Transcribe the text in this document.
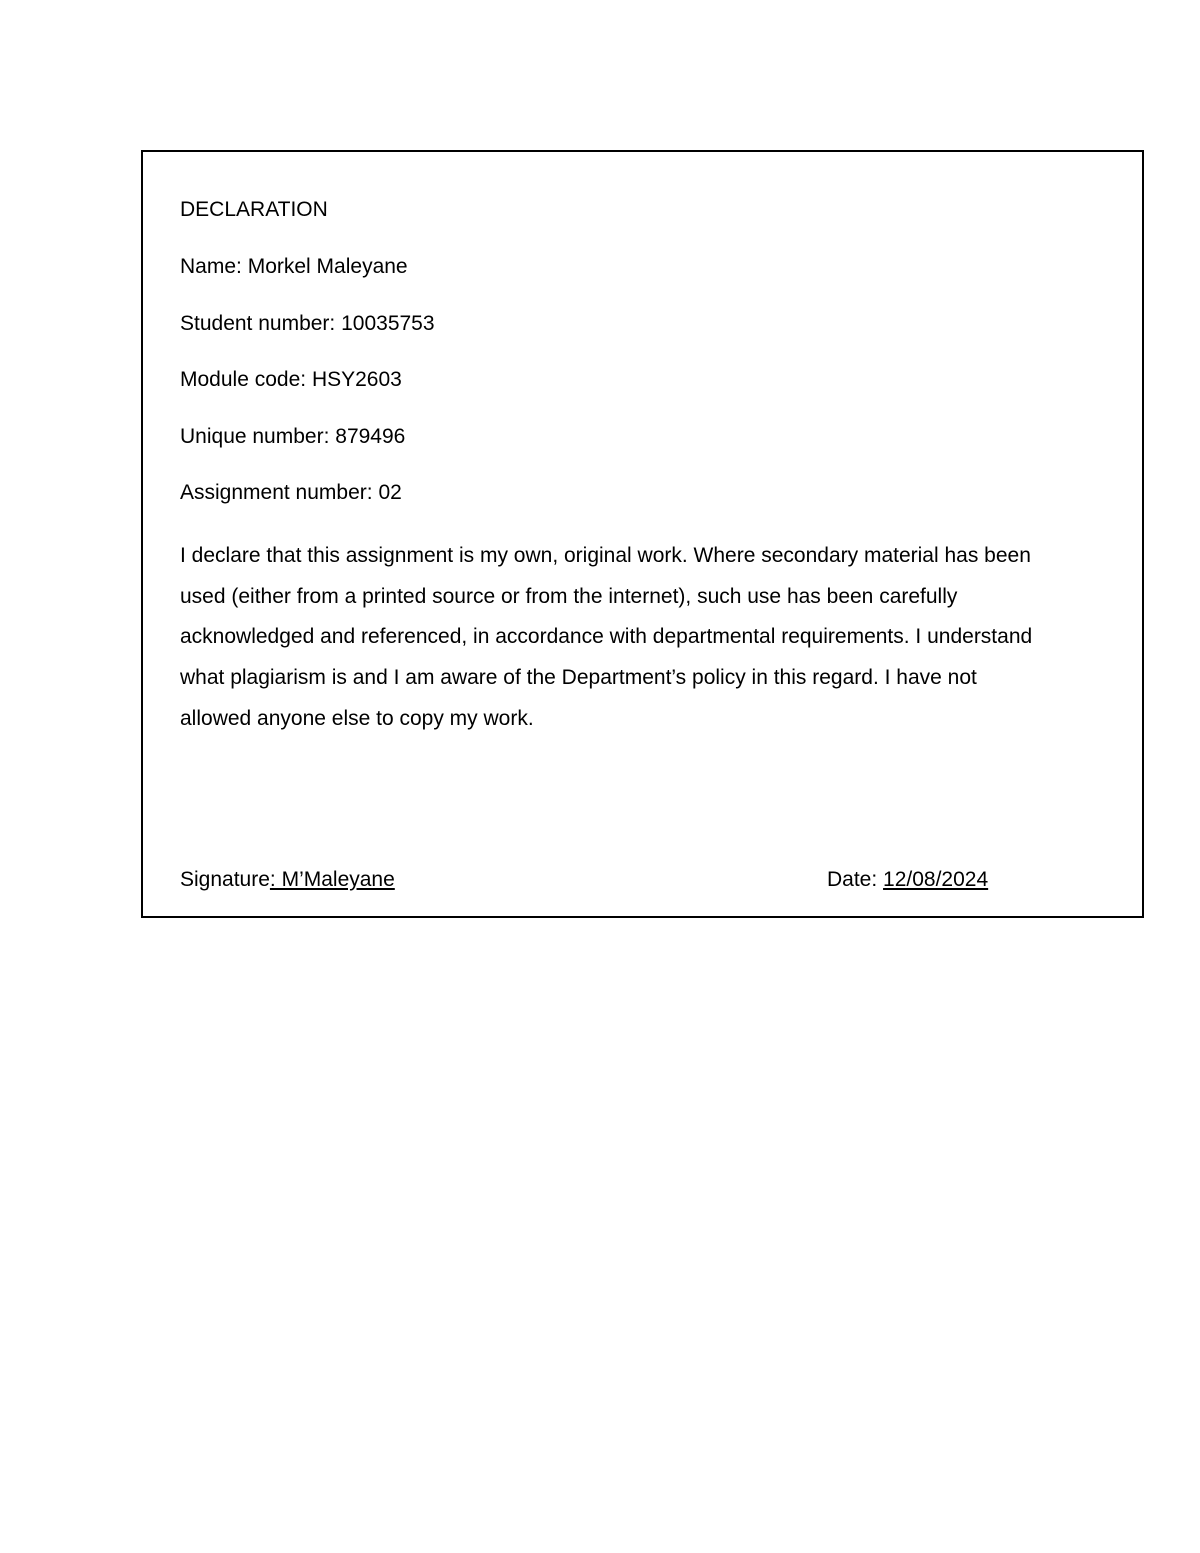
DECLARATION
Name: Morkel Maleyane
Student number: 10035753
Module code: HSY2603
Unique number: 879496
Assignment number: 02

I declare that this assignment is my own, original work. Where secondary material has been
used (either from a printed source or from the internet), such use has been carefully
acknowledged and referenced, in accordance with departmental requirements. I understand
what plagiarism is and I am aware of the Department’s policy in this regard. I have not
allowed anyone else to copy my work.

Signature: M’Maleyane	Date: 12/08/2024
